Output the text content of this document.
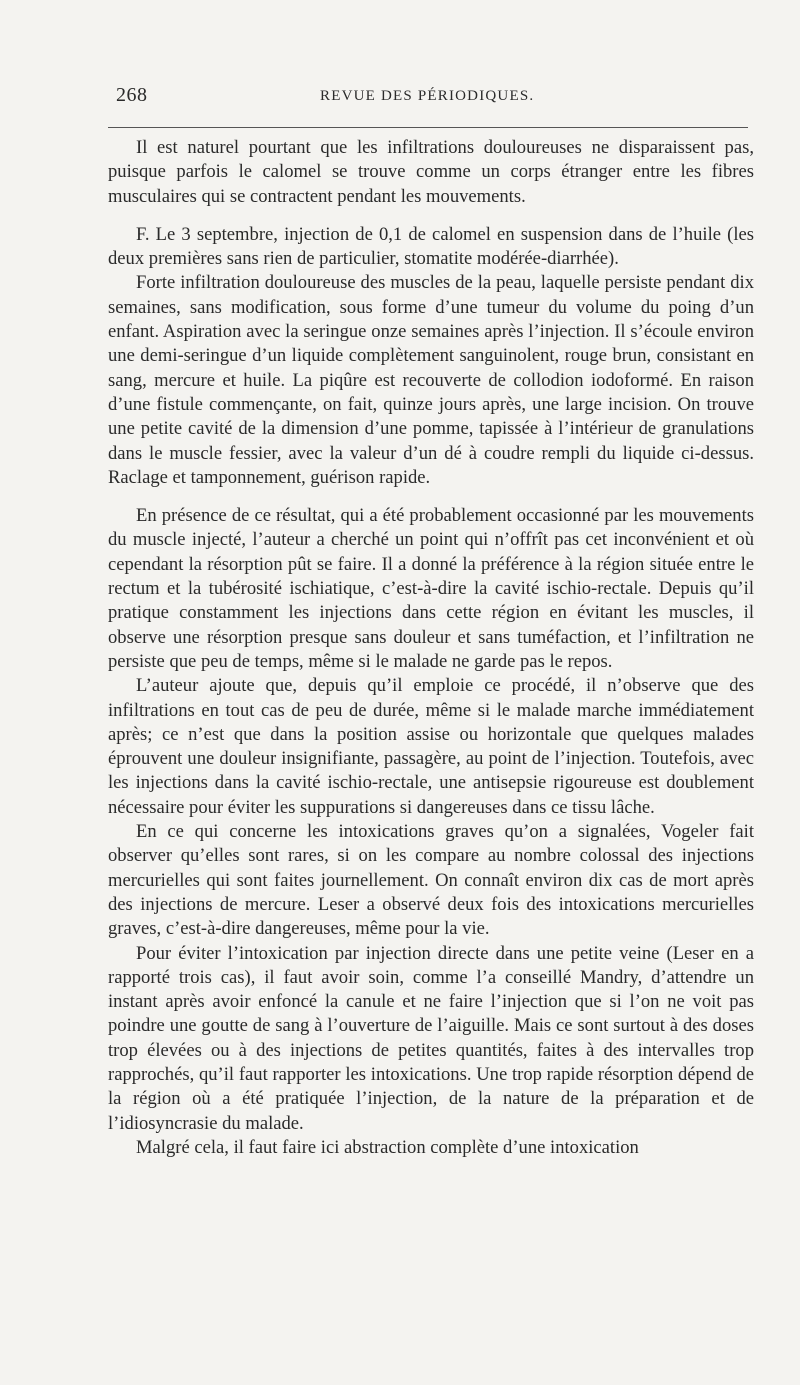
268	REVUE DES PÉRIODIQUES.

Il est naturel pourtant que les infiltrations douloureuses ne disparaissent pas, puisque parfois le calomel se trouve comme un corps étranger entre les fibres musculaires qui se contractent pendant les mouvements.

F. Le 3 septembre, injection de 0,1 de calomel en suspension dans de l’huile (les deux premières sans rien de particulier, stomatite modérée-diarrhée).

Forte infiltration douloureuse des muscles de la peau, laquelle persiste pendant dix semaines, sans modification, sous forme d’une tumeur du volume du poing d’un enfant. Aspiration avec la seringue onze semaines après l’injection. Il s’écoule environ une demi-seringue d’un liquide complètement sanguinolent, rouge brun, consistant en sang, mercure et huile. La piqûre est recouverte de collodion iodoformé. En raison d’une fistule commençante, on fait, quinze jours après, une large incision. On trouve une petite cavité de la dimension d’une pomme, tapissée à l’intérieur de granulations dans le muscle fessier, avec la valeur d’un dé à coudre rempli du liquide ci-dessus. Raclage et tamponnement, guérison rapide.

En présence de ce résultat, qui a été probablement occasionné par les mouvements du muscle injecté, l’auteur a cherché un point qui n’offrît pas cet inconvénient et où cependant la résorption pût se faire. Il a donné la préférence à la région située entre le rectum et la tubérosité ischiatique, c’est-à-dire la cavité ischio-rectale. Depuis qu’il pratique constamment les injections dans cette région en évitant les muscles, il observe une résorption presque sans douleur et sans tuméfaction, et l’infiltration ne persiste que peu de temps, même si le malade ne garde pas le repos.

L’auteur ajoute que, depuis qu’il emploie ce procédé, il n’observe que des infiltrations en tout cas de peu de durée, même si le malade marche immédiatement après; ce n’est que dans la position assise ou horizontale que quelques malades éprouvent une douleur insignifiante, passagère, au point de l’injection. Toutefois, avec les injections dans la cavité ischio-rectale, une antisepsie rigoureuse est doublement nécessaire pour éviter les suppurations si dangereuses dans ce tissu lâche.

En ce qui concerne les intoxications graves qu’on a signalées, Vogeler fait observer qu’elles sont rares, si on les compare au nombre colossal des injections mercurielles qui sont faites journellement. On connaît environ dix cas de mort après des injections de mercure. Leser a observé deux fois des intoxications mercurielles graves, c’est-à-dire dangereuses, même pour la vie.

Pour éviter l’intoxication par injection directe dans une petite veine (Leser en a rapporté trois cas), il faut avoir soin, comme l’a conseillé Mandry, d’attendre un instant après avoir enfoncé la canule et ne faire l’injection que si l’on ne voit pas poindre une goutte de sang à l’ouverture de l’aiguille. Mais ce sont surtout à des doses trop élevées ou à des injections de petites quantités, faites à des intervalles trop rapprochés, qu’il faut rapporter les intoxications. Une trop rapide résorption dépend de la région où a été pratiquée l’injection, de la nature de la préparation et de l’idiosyncrasie du malade.

Malgré cela, il faut faire ici abstraction complète d’une intoxication
